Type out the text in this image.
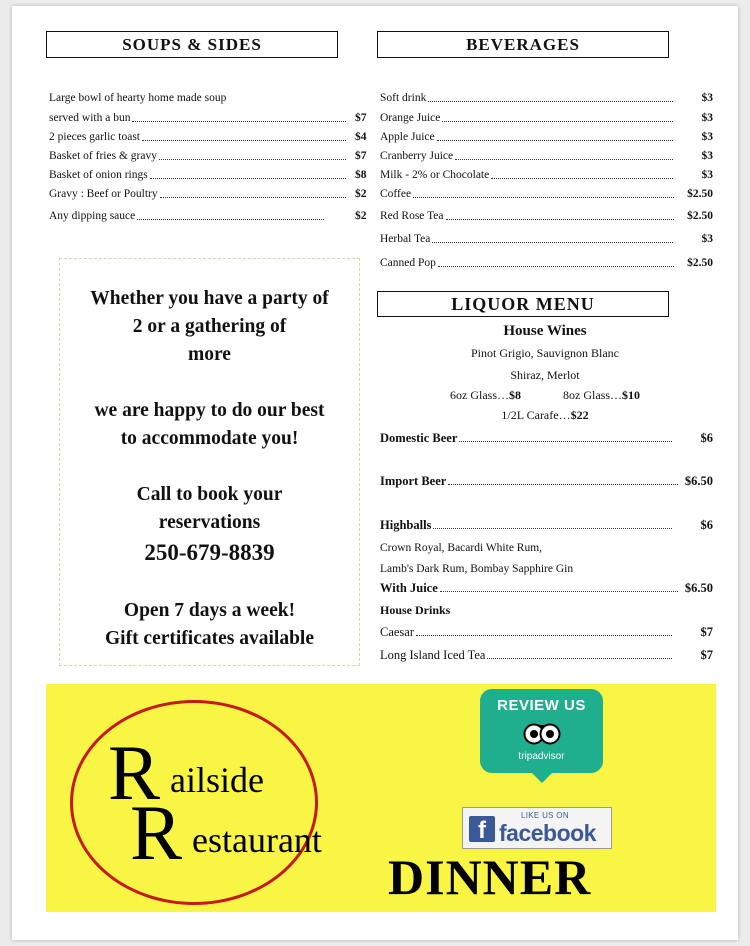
SOUPS & SIDES	BEVERAGES
Large bowl of hearty home made soup
served with a bun	$7
2 pieces garlic toast	$4
Basket of fries & gravy	$7
Basket of onion rings	$8
Gravy : Beef or Poultry	$2
Any dipping sauce	$2
Soft drink	$3
Orange Juice	$3
Apple Juice	$3
Cranberry Juice	$3
Milk - 2% or Chocolate	$3
Coffee	$2.50
Red Rose Tea	$2.50
Herbal Tea	$3
Canned Pop	$2.50

Whether you have a party of

2 or a gathering of

more

we are happy to do our best

to accommodate you!

Call to book your

reservations

250-679-8839

Open 7 days a week!

Gift certificates available

LIQUOR MENU
House Wines
Pinot Grigio, Sauvignon Blanc
Shiraz, Merlot
6oz Glass…$8	8oz Glass…$10
1/2L Carafe…$22
Domestic Beer	$6
Import Beer	$6.50
Highballs	$6
Crown Royal, Bacardi White Rum,
Lamb's Dark Rum, Bombay Sapphire Gin
With Juice	$6.50
House Drinks
Caesar	$7
Long Island Iced Tea	$7
R ailside
R estaurant
DINNER
REVIEW US
tripadvisor
f
LIKE US ON
facebook
